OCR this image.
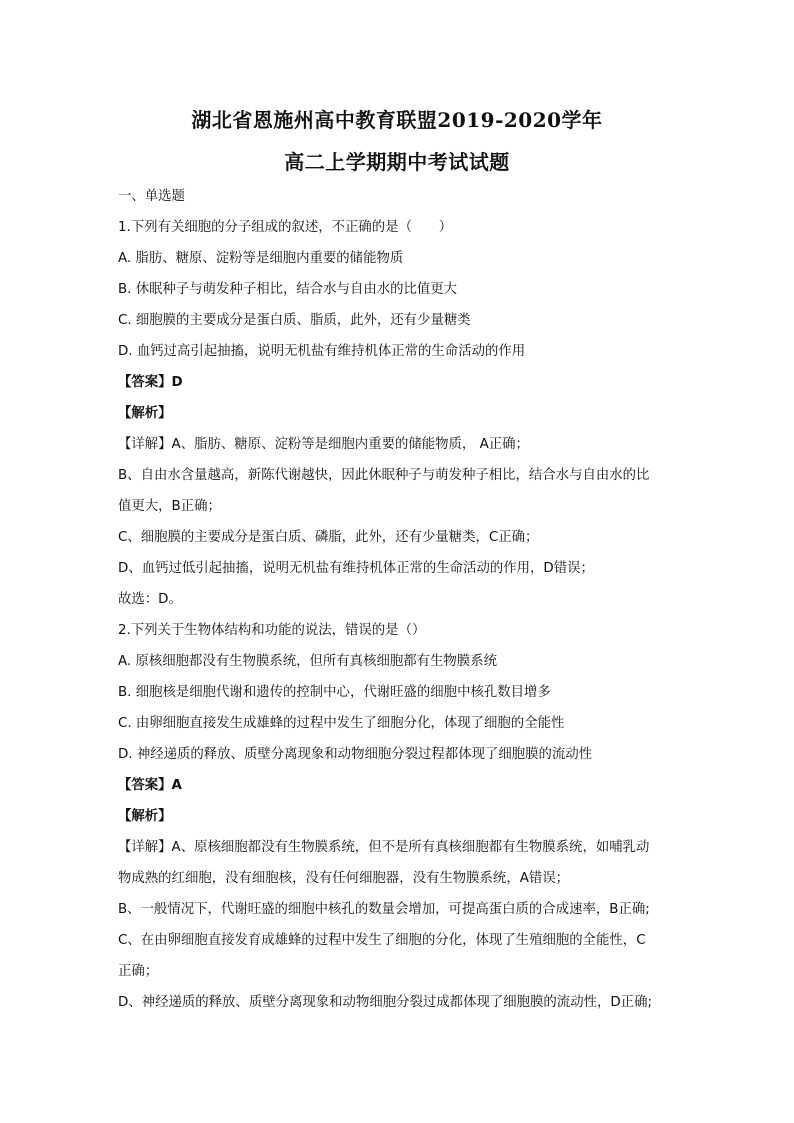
湖北省恩施州高中教育联盟2019-2020学年
高二上学期期中考试试题
一、单选题
1.下列有关细胞的分子组成的叙述，不正确的是（　　）
A. 脂肪、糖原、淀粉等是细胞内重要的储能物质
B. 休眠种子与萌发种子相比，结合水与自由水的比值更大
C. 细胞膜的主要成分是蛋白质、脂质，此外，还有少量糖类
D. 血钙过高引起抽搐，说明无机盐有维持机体正常的生命活动的作用
【答案】D
【解析】
【详解】A、脂肪、糖原、淀粉等是细胞内重要的储能物质， A正确；
B、自由水含量越高，新陈代谢越快，因此休眠种子与萌发种子相比，结合水与自由水的比
值更大，B正确；
C、细胞膜的主要成分是蛋白质、磷脂，此外，还有少量糖类，C正确；
D、血钙过低引起抽搐，说明无机盐有维持机体正常的生命活动的作用，D错误；
故选：D。
2.下列关于生物体结构和功能的说法，错误的是（）
A. 原核细胞都没有生物膜系统，但所有真核细胞都有生物膜系统
B. 细胞核是细胞代谢和遗传的控制中心，代谢旺盛的细胞中核孔数目增多
C. 由卵细胞直接发生成雄蜂的过程中发生了细胞分化，体现了细胞的全能性
D. 神经递质的释放、质壁分离现象和动物细胞分裂过程都体现了细胞膜的流动性
【答案】A
【解析】
【详解】A、原核细胞都没有生物膜系统，但不是所有真核细胞都有生物膜系统，如哺乳动
物成熟的红细胞，没有细胞核，没有任何细胞器，没有生物膜系统，A错误；
B、一般情况下，代谢旺盛的细胞中核孔的数量会增加，可提高蛋白质的合成速率，B正确;
C、在由卵细胞直接发育成雄蜂的过程中发生了细胞的分化，体现了生殖细胞的全能性，C
正确；
D、神经递质的释放、质壁分离现象和动物细胞分裂过成都体现了细胞膜的流动性，D正确;
